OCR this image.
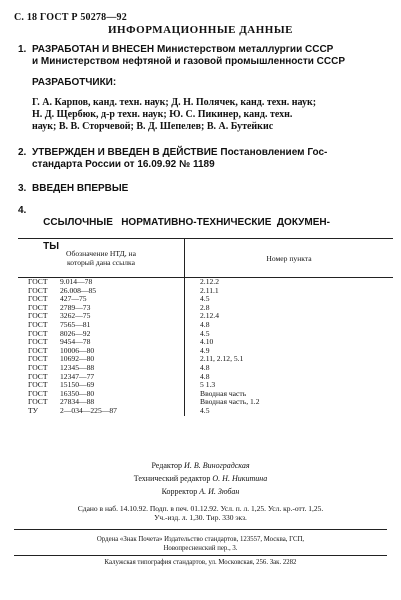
С. 18 ГОСТ Р 50278—92
ИНФОРМАЦИОННЫЕ ДАННЫЕ
1. РАЗРАБОТАН И ВНЕСЕН Министерством металлургии СССР
и Министерством нефтяной и газовой промышленности СССР
РАЗРАБОТЧИКИ:
Г. А. Карпов, канд. техн. наук; Д. Н. Полячек, канд. техн. наук;
Н. Д. Щербюк, д-р техн. наук; Ю. С. Пикинер, канд. техн.
наук; В. В. Сторчевой; В. Д. Шепелев; В. А. Бутейкис
2. УТВЕРЖДЕН И ВВЕДЕН В ДЕЙСТВИЕ Постановлением Гос-
стандарта России от 16.09.92 № 1189
3. ВВЕДЕН ВПЕРВЫЕ
4.

ССЫЛОЧНЫЕ   НОРМАТИВНО-ТЕХНИЧЕСКИЕ  ДОКУМЕН-

ТЫ

Обозначение НТД, на
который дана ссылка	Номер пункта
ГОСТ 9.014—78	2.12.2
ГОСТ 26.008—85	2.11.1
ГОСТ 427—75	4.5
ГОСТ 2789—73	2.8
ГОСТ 3262—75	2.12.4
ГОСТ 7565—81	4.8
ГОСТ 8026—92	4.5
ГОСТ 9454—78	4.10
ГОСТ 10006—80	4.9
ГОСТ 10692—80	2.11, 2.12, 5.1
ГОСТ 12345—88	4.8
ГОСТ 12347—77	4.8
ГОСТ 15150—69	5 1.3
ГОСТ 16350—80	Вводная часть
ГОСТ 27834—88	Вводная часть, 1.2
ТУ 2—034—225—87	4.5
Редактор И. В. Виноградская
Технический редактор О. Н. Никитина
Корректор А. И. Зюбан
Сдано в наб. 14.10.92. Подп. в печ. 01.12.92. Усл. п. л. 1,25. Усл. кр.-отт. 1,25.
Уч.-изд. л. 1,30. Тир. 330 экз.
Ордена «Знак Почета» Издательство стандартов, 123557, Москва, ГСП,
Новопресненский пер., 3.
Калужская типография стандартов, ул. Московская, 256. Зак. 2282
